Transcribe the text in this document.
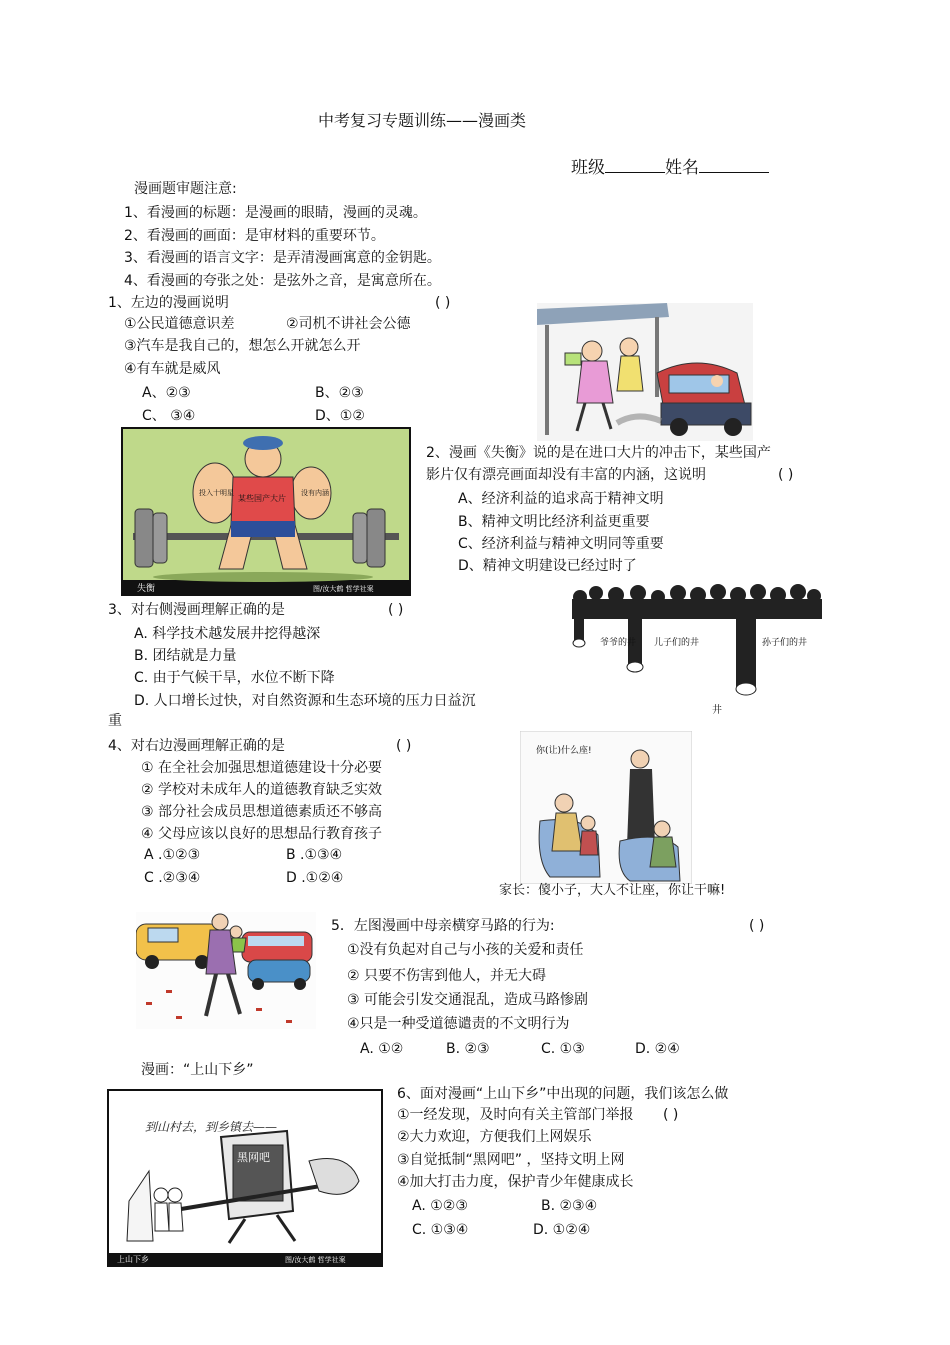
中考复习专题训练——漫画类
班级	姓名
漫画题审题注意:
1、看漫画的标题：是漫画的眼睛，漫画的灵魂。
2、看漫画的画面：是审材料的重要环节。
3、看漫画的语言文字：是弄清漫画寓意的金钥匙。
4、看漫画的夸张之处：是弦外之音，是寓意所在。
1、左边的漫画说明	( )
①公民道德意识差	②司机不讲社会公德
③汽车是我自己的，想怎么开就怎么开
④有车就是威风
A、②③	B、②③
C、 ③④	D、①②
失衡	图/汝大鹤 哲学社案
某些国产大片
投入十明星	没有内涵
2、漫画《失衡》说的是在进口大片的冲击下，某些国产
影片仅有漂亮画面却没有丰富的内涵，这说明	( )
A、经济利益的追求高于精神文明
B、精神文明比经济利益更重要
C、经济利益与精神文明同等重要
D、精神文明建设已经过时了
3、对右侧漫画理解正确的是	( )
A. 科学技术越发展井挖得越深
B. 团结就是力量
C. 由于气候干旱，水位不断下降
D. 人口增长过快，对自然资源和生态环境的压力日益沉
重
爷爷的井 儿子们的井	孙子们的井
井
4、对右边漫画理解正确的是	( )
① 在全社会加强思想道德建设十分必要
② 学校对未成年人的道德教育缺乏实效
③ 部分社会成员思想道德素质还不够高
④ 父母应该以良好的思想品行教育孩子
A .①②③	B .①③④
C .②③④	D .①②④
你(让)什么座!
家长：傻小子，大人不让座，你让干嘛!
5．左图漫画中母亲横穿马路的行为:	( )
①没有负起对自己与小孩的关爱和责任
② 只要不伤害到他人，并无大碍
③ 可能会引发交通混乱，造成马路惨剧
④只是一种受道德谴责的不文明行为
A. ①②	B. ②③	C. ①③	D. ②④
漫画：“上山下乡”
上山下乡	图/汝大鹤 哲学社案
到山村去，到乡镇去——
黑网吧
6、面对漫画“上山下乡”中出现的问题，我们该怎么做
①一经发现，及时向有关主管部门举报 ( )
②大力欢迎，方便我们上网娱乐
③自觉抵制“黑网吧” ，坚持文明上网
④加大打击力度，保护青少年健康成长
A. ①②③	B. ②③④
C. ①③④	D. ①②④
